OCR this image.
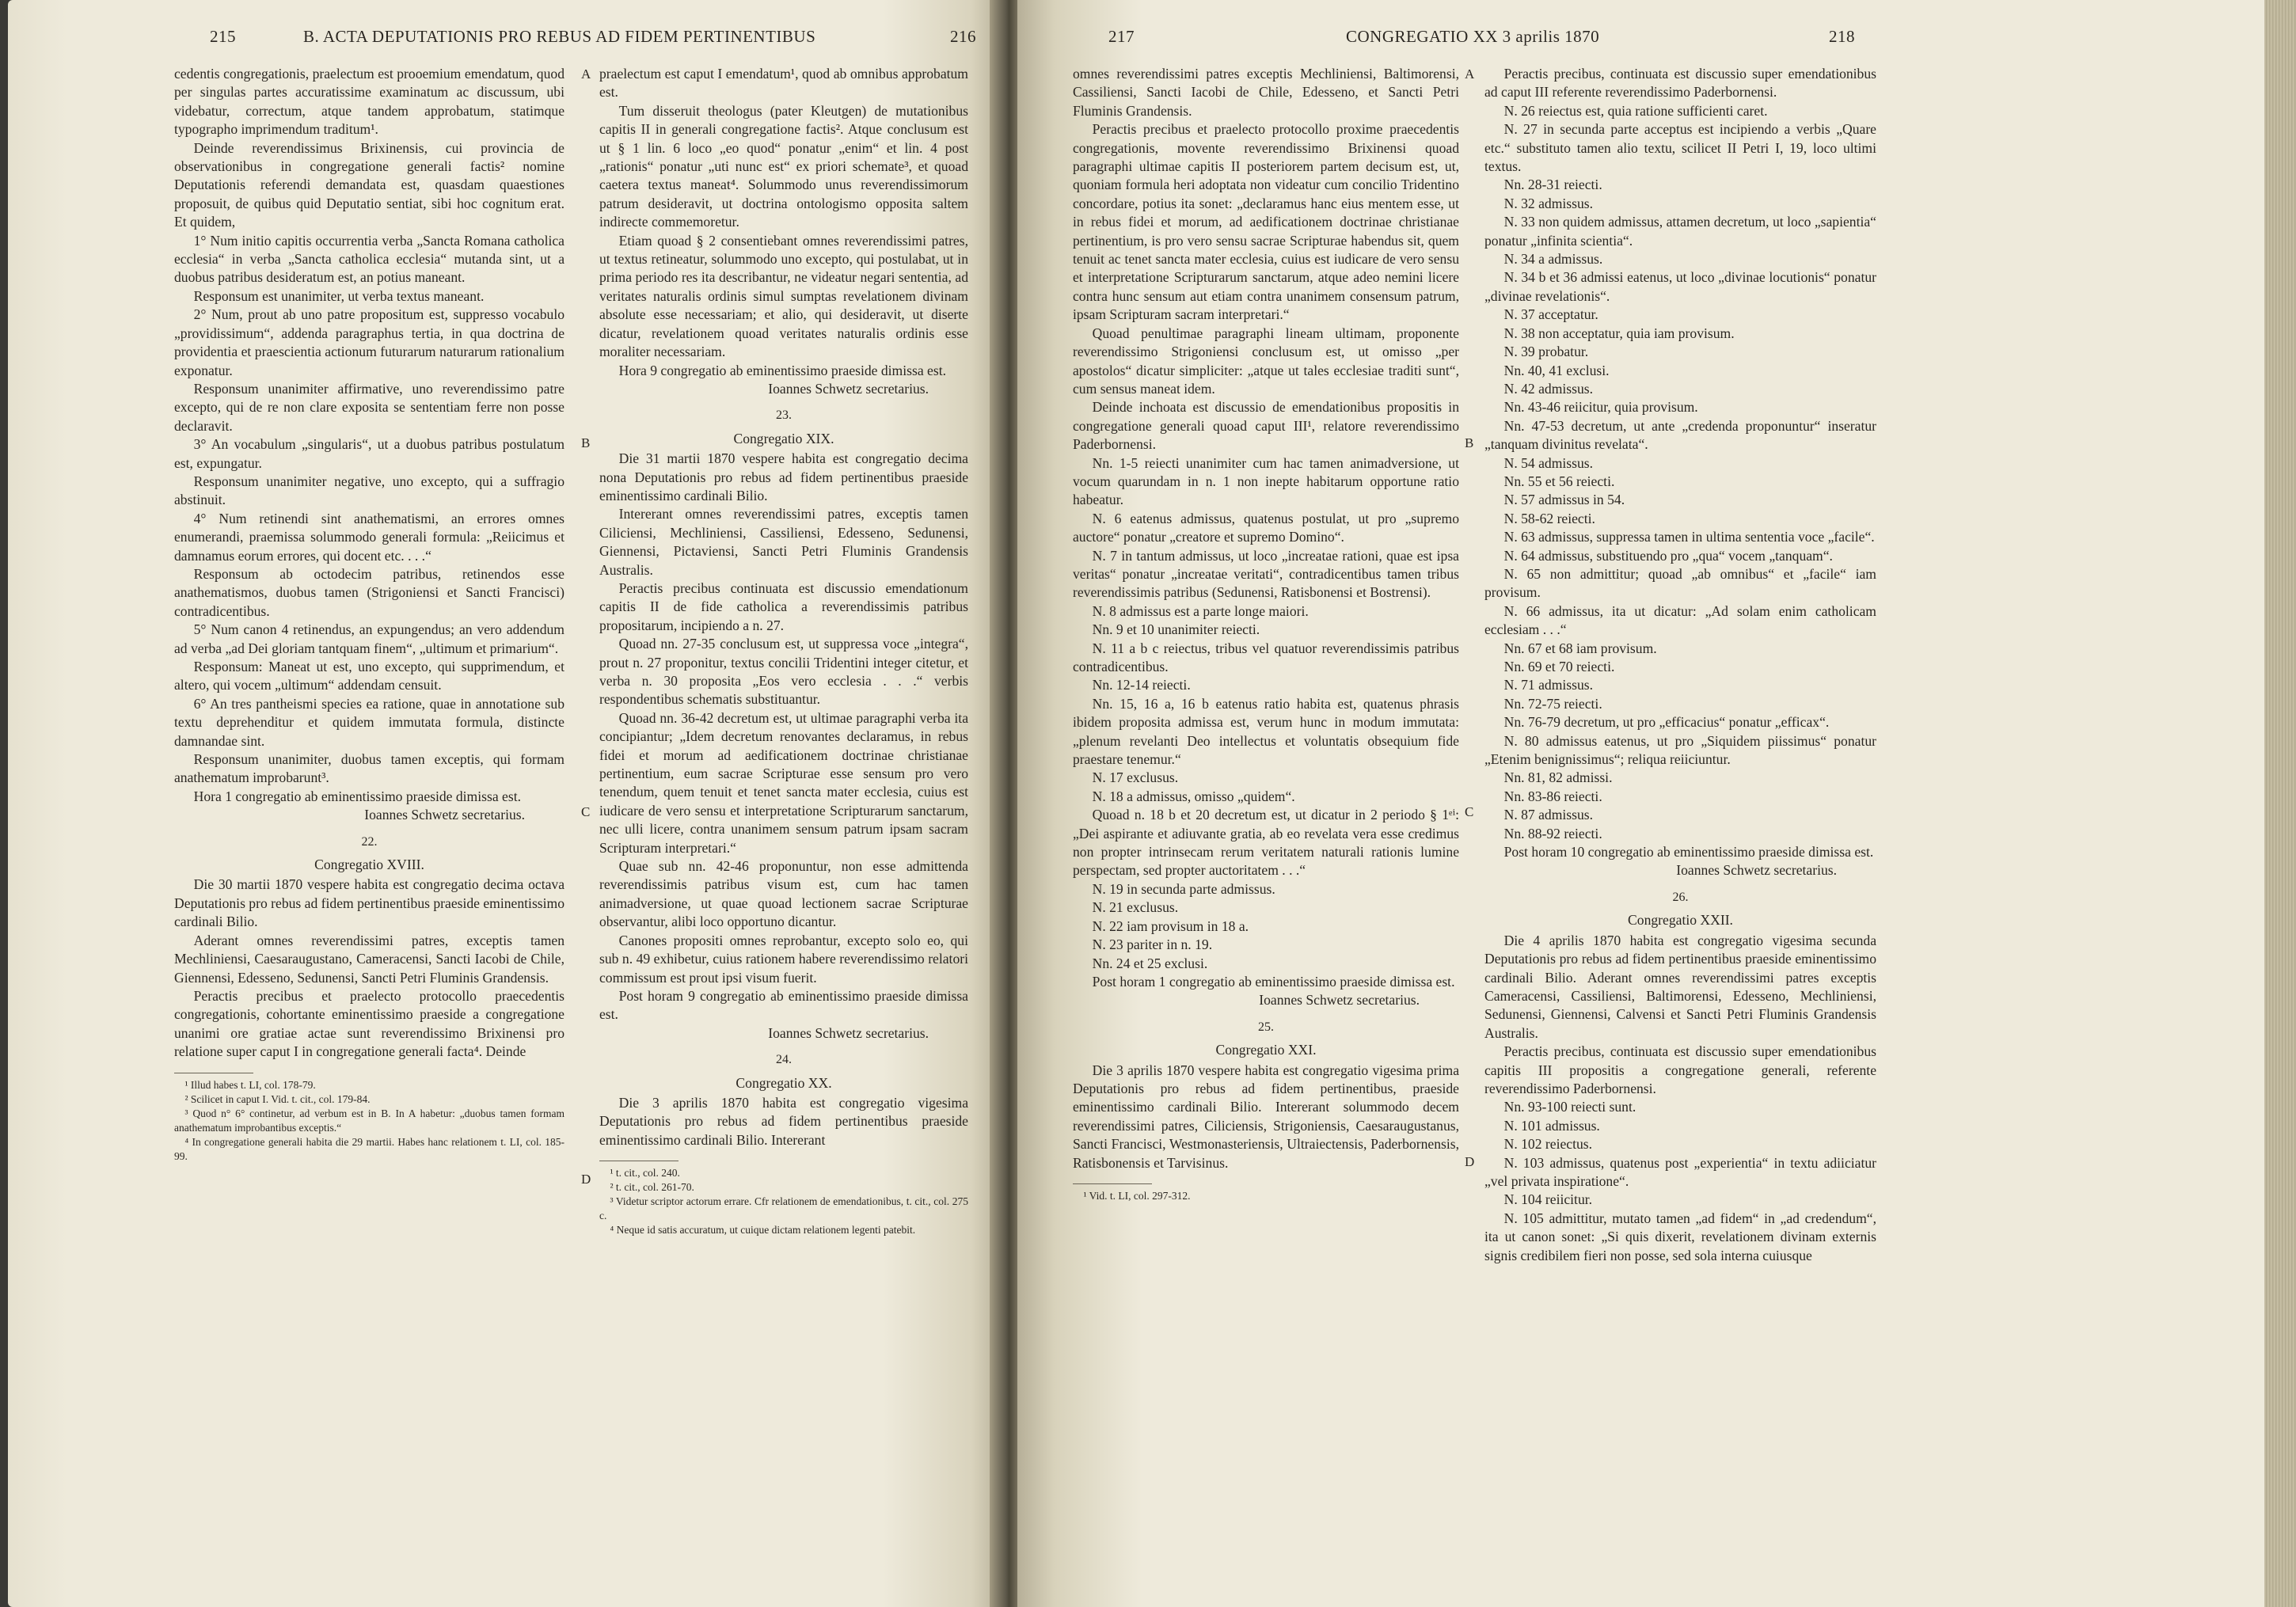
215	B. ACTA DEPUTATIONIS PRO REBUS AD FIDEM PERTINENTIBUS	216

cedentis congregationis, praelectum est prooemium emendatum, quod per singulas partes accuratissime examinatum ac discussum, ubi videbatur, correctum, atque tandem approbatum, statimque typographo imprimendum traditum¹.

Deinde reverendissimus Brixinensis, cui provincia de observationibus in congregatione generali factis² nomine Deputationis referendi demandata est, quasdam quaestiones proposuit, de quibus quid Deputatio sentiat, sibi hoc cognitum erat. Et quidem,

1° Num initio capitis occurrentia verba „Sancta Romana catholica ecclesia“ in verba „Sancta catholica ecclesia“ mutanda sint, ut a duobus patribus desideratum est, an potius maneant.

Responsum est unanimiter, ut verba textus maneant.

2° Num, prout ab uno patre propositum est, suppresso vocabulo „providissimum“, addenda paragraphus tertia, in qua doctrina de providentia et praescientia actionum futurarum naturarum rationalium exponatur.

Responsum unanimiter affirmative, uno reverendissimo patre excepto, qui de re non clare exposita se sententiam ferre non posse declaravit.

3° An vocabulum „singularis“, ut a duobus patribus postulatum est, expungatur.

Responsum unanimiter negative, uno excepto, qui a suffragio abstinuit.

4° Num retinendi sint anathematismi, an errores omnes enumerandi, praemissa solummodo generali formula: „Reiicimus et damnamus eorum errores, qui docent etc. . . .“

Responsum ab octodecim patribus, retinendos esse anathematismos, duobus tamen (Strigoniensi et Sancti Francisci) contradicentibus.

5° Num canon 4 retinendus, an expungendus; an vero addendum ad verba „ad Dei gloriam tantquam finem“, „ultimum et primarium“.

Responsum: Maneat ut est, uno excepto, qui supprimendum, et altero, qui vocem „ultimum“ addendam censuit.

6° An tres pantheismi species ea ratione, quae in annotatione sub textu deprehenditur et quidem immutata formula, distincte damnandae sint.

Responsum unanimiter, duobus tamen exceptis, qui formam anathematum improbarunt³.

Hora 1 congregatio ab eminentissimo praeside dimissa est.

Ioannes Schwetz secretarius.

22.
Congregatio XVIII.

Die 30 martii 1870 vespere habita est congregatio decima octava Deputationis pro rebus ad fidem pertinentibus praeside eminentissimo cardinali Bilio.

Aderant omnes reverendissimi patres, exceptis tamen Mechliniensi, Caesaraugustano, Cameracensi, Sancti Iacobi de Chile, Giennensi, Edesseno, Sedunensi, Sancti Petri Fluminis Grandensis.

Peractis precibus et praelecto protocollo praecedentis congregationis, cohortante eminentissimo praeside a congregatione unanimi ore gratiae actae sunt reverendissimo Brixinensi pro relatione super caput I in congregatione generali facta⁴. Deinde

¹ Illud habes t. LI, col. 178-79.

² Scilicet in caput I. Vid. t. cit., col. 179-84.

³ Quod n° 6° continetur, ad verbum est in B. In A habetur: „duobus tamen formam anathematum improbantibus exceptis.“

⁴ In congregatione generali habita die 29 martii. Habes hanc relationem t. LI, col. 185-99.

praelectum est caput I emendatum¹, quod ab omnibus approbatum est.

Tum disseruit theologus (pater Kleutgen) de mutationibus capitis II in generali congregatione factis². Atque conclusum est ut § 1 lin. 6 loco „eo quod“ ponatur „enim“ et lin. 4 post „rationis“ ponatur „uti nunc est“ ex priori schemate³, et quoad caetera textus maneat⁴. Solummodo unus reverendissimorum patrum desideravit, ut doctrina ontologismo opposita saltem indirecte commemoretur.

Etiam quoad § 2 consentiebant omnes reverendissimi patres, ut textus retineatur, solummodo uno excepto, qui postulabat, ut in prima periodo res ita describantur, ne videatur negari sententia, ad veritates naturalis ordinis simul sumptas revelationem divinam absolute esse necessariam; et alio, qui desideravit, ut diserte dicatur, revelationem quoad veritates naturalis ordinis esse moraliter necessariam.

Hora 9 congregatio ab eminentissimo praeside dimissa est.

Ioannes Schwetz secretarius.

23.
Congregatio XIX.

Die 31 martii 1870 vespere habita est congregatio decima nona Deputationis pro rebus ad fidem pertinentibus praeside eminentissimo cardinali Bilio.

Intererant omnes reverendissimi patres, exceptis tamen Ciliciensi, Mechliniensi, Cassiliensi, Edesseno, Sedunensi, Giennensi, Pictaviensi, Sancti Petri Fluminis Grandensis Australis.

Peractis precibus continuata est discussio emendationum capitis II de fide catholica a reverendissimis patribus propositarum, incipiendo a n. 27.

Quoad nn. 27-35 conclusum est, ut suppressa voce „integra“, prout n. 27 proponitur, textus concilii Tridentini integer citetur, et verba n. 30 proposita „Eos vero ecclesia . . .“ verbis respondentibus schematis substituantur.

Quoad nn. 36-42 decretum est, ut ultimae paragraphi verba ita concipiantur; „Idem decretum renovantes declaramus, in rebus fidei et morum ad aedificationem doctrinae christianae pertinentium, eum sacrae Scripturae esse sensum pro vero tenendum, quem tenuit et tenet sancta mater ecclesia, cuius est iudicare de vero sensu et interpretatione Scripturarum sanctarum, nec ulli licere, contra unanimem sensum patrum ipsam sacram Scripturam interpretari.“

Quae sub nn. 42-46 proponuntur, non esse admittenda reverendissimis patribus visum est, cum hac tamen animadversione, ut quae quoad lectionem sacrae Scripturae observantur, alibi loco opportuno dicantur.

Canones propositi omnes reprobantur, excepto solo eo, qui sub n. 49 exhibetur, cuius rationem habere reverendissimo relatori commissum est prout ipsi visum fuerit.

Post horam 9 congregatio ab eminentissimo praeside dimissa est.

Ioannes Schwetz secretarius.

24.
Congregatio XX.

Die 3 aprilis 1870 habita est congregatio vigesima Deputationis pro rebus ad fidem pertinentibus praeside eminentissimo cardinali Bilio. Intererant

¹ t. cit., col. 240.

² t. cit., col. 261-70.

³ Videtur scriptor actorum errare. Cfr relationem de emendationibus, t. cit., col. 275 c.

⁴ Neque id satis accuratum, ut cuique dictam relationem legenti patebit.

A
B
C
D
217	CONGREGATIO XX 3 aprilis 1870	218

omnes reverendissimi patres exceptis Mechliniensi, Baltimorensi, Cassiliensi, Sancti Iacobi de Chile, Edesseno, et Sancti Petri Fluminis Grandensis.

Peractis precibus et praelecto protocollo proxime praecedentis congregationis, movente reverendissimo Brixinensi quoad paragraphi ultimae capitis II posteriorem partem decisum est, ut, quoniam formula heri adoptata non videatur cum concilio Tridentino concordare, potius ita sonet: „declaramus hanc eius mentem esse, ut in rebus fidei et morum, ad aedificationem doctrinae christianae pertinentium, is pro vero sensu sacrae Scripturae habendus sit, quem tenuit ac tenet sancta mater ecclesia, cuius est iudicare de vero sensu et interpretatione Scripturarum sanctarum, atque adeo nemini licere contra hunc sensum aut etiam contra unanimem consensum patrum, ipsam Scripturam sacram interpretari.“

Quoad penultimae paragraphi lineam ultimam, proponente reverendissimo Strigoniensi conclusum est, ut omisso „per apostolos“ dicatur simpliciter: „atque ut tales ecclesiae traditi sunt“, cum sensus maneat idem.

Deinde inchoata est discussio de emendationibus propositis in congregatione generali quoad caput III¹, relatore reverendissimo Paderbornensi.

Nn. 1-5 reiecti unanimiter cum hac tamen animadversione, ut vocum quarundam in n. 1 non inepte habitarum opportune ratio habeatur.

N. 6 eatenus admissus, quatenus postulat, ut pro „supremo auctore“ ponatur „creatore et supremo Domino“.

N. 7 in tantum admissus, ut loco „increatae rationi, quae est ipsa veritas“ ponatur „increatae veritati“, contradicentibus tamen tribus reverendissimis patribus (Sedunensi, Ratisbonensi et Bostrensi).

N. 8 admissus est a parte longe maiori.

Nn. 9 et 10 unanimiter reiecti.

N. 11 a b c reiectus, tribus vel quatuor reverendissimis patribus contradicentibus.

Nn. 12-14 reiecti.

Nn. 15, 16 a, 16 b eatenus ratio habita est, quatenus phrasis ibidem proposita admissa est, verum hunc in modum immutata: „plenum revelanti Deo intellectus et voluntatis obsequium fide praestare tenemur.“

N. 17 exclusus.

N. 18 a admissus, omisso „quidem“.

Quoad n. 18 b et 20 decretum est, ut dicatur in 2 periodo § 1ᵉⁱ: „Dei aspirante et adiuvante gratia, ab eo revelata vera esse credimus non propter intrinsecam rerum veritatem naturali rationis lumine perspectam, sed propter auctoritatem . . .“

N. 19 in secunda parte admissus.

N. 21 exclusus.

N. 22 iam provisum in 18 a.

N. 23 pariter in n. 19.

Nn. 24 et 25 exclusi.

Post horam 1 congregatio ab eminentissimo praeside dimissa est.

Ioannes Schwetz secretarius.

25.
Congregatio XXI.

Die 3 aprilis 1870 vespere habita est congregatio vigesima prima Deputationis pro rebus ad fidem pertinentibus, praeside eminentissimo cardinali Bilio. Intererant solummodo decem reverendissimi patres, Ciliciensis, Strigoniensis, Caesaraugustanus, Sancti Francisci, Westmonasteriensis, Ultraiectensis, Paderbornensis, Ratisbonensis et Tarvisinus.

¹ Vid. t. LI, col. 297-312.

Peractis precibus, continuata est discussio super emendationibus ad caput III referente reverendissimo Paderbornensi.

N. 26 reiectus est, quia ratione sufficienti caret.

N. 27 in secunda parte acceptus est incipiendo a verbis „Quare etc.“ substituto tamen alio textu, scilicet II Petri I, 19, loco ultimi textus.

Nn. 28-31 reiecti.

N. 32 admissus.

N. 33 non quidem admissus, attamen decretum, ut loco „sapientia“ ponatur „infinita scientia“.

N. 34 a admissus.

N. 34 b et 36 admissi eatenus, ut loco „divinae locutionis“ ponatur „divinae revelationis“.

N. 37 acceptatur.

N. 38 non acceptatur, quia iam provisum.

N. 39 probatur.

Nn. 40, 41 exclusi.

N. 42 admissus.

Nn. 43-46 reiicitur, quia provisum.

Nn. 47-53 decretum, ut ante „credenda proponuntur“ inseratur „tanquam divinitus revelata“.

N. 54 admissus.

Nn. 55 et 56 reiecti.

N. 57 admissus in 54.

N. 58-62 reiecti.

N. 63 admissus, suppressa tamen in ultima sententia voce „facile“.

N. 64 admissus, substituendo pro „qua“ vocem „tanquam“.

N. 65 non admittitur; quoad „ab omnibus“ et „facile“ iam provisum.

N. 66 admissus, ita ut dicatur: „Ad solam enim catholicam ecclesiam . . .“

Nn. 67 et 68 iam provisum.

Nn. 69 et 70 reiecti.

N. 71 admissus.

Nn. 72-75 reiecti.

Nn. 76-79 decretum, ut pro „efficacius“ ponatur „efficax“.

N. 80 admissus eatenus, ut pro „Siquidem piissimus“ ponatur „Etenim benignissimus“; reliqua reiiciuntur.

Nn. 81, 82 admissi.

Nn. 83-86 reiecti.

N. 87 admissus.

Nn. 88-92 reiecti.

Post horam 10 congregatio ab eminentissimo praeside dimissa est.

Ioannes Schwetz secretarius.

26.
Congregatio XXII.

Die 4 aprilis 1870 habita est congregatio vigesima secunda Deputationis pro rebus ad fidem pertinentibus praeside eminentissimo cardinali Bilio. Aderant omnes reverendissimi patres exceptis Cameracensi, Cassiliensi, Baltimorensi, Edesseno, Mechliniensi, Sedunensi, Giennensi, Calvensi et Sancti Petri Fluminis Grandensis Australis.

Peractis precibus, continuata est discussio super emendationibus capitis III propositis a congregatione generali, referente reverendissimo Paderbornensi.

Nn. 93-100 reiecti sunt.

N. 101 admissus.

N. 102 reiectus.

N. 103 admissus, quatenus post „experientia“ in textu adiiciatur „vel privata inspiratione“.

N. 104 reiicitur.

N. 105 admittitur, mutato tamen „ad fidem“ in „ad credendum“, ita ut canon sonet: „Si quis dixerit, revelationem divinam externis signis credibilem fieri non posse, sed sola interna cuiusque

A
B
C
D
